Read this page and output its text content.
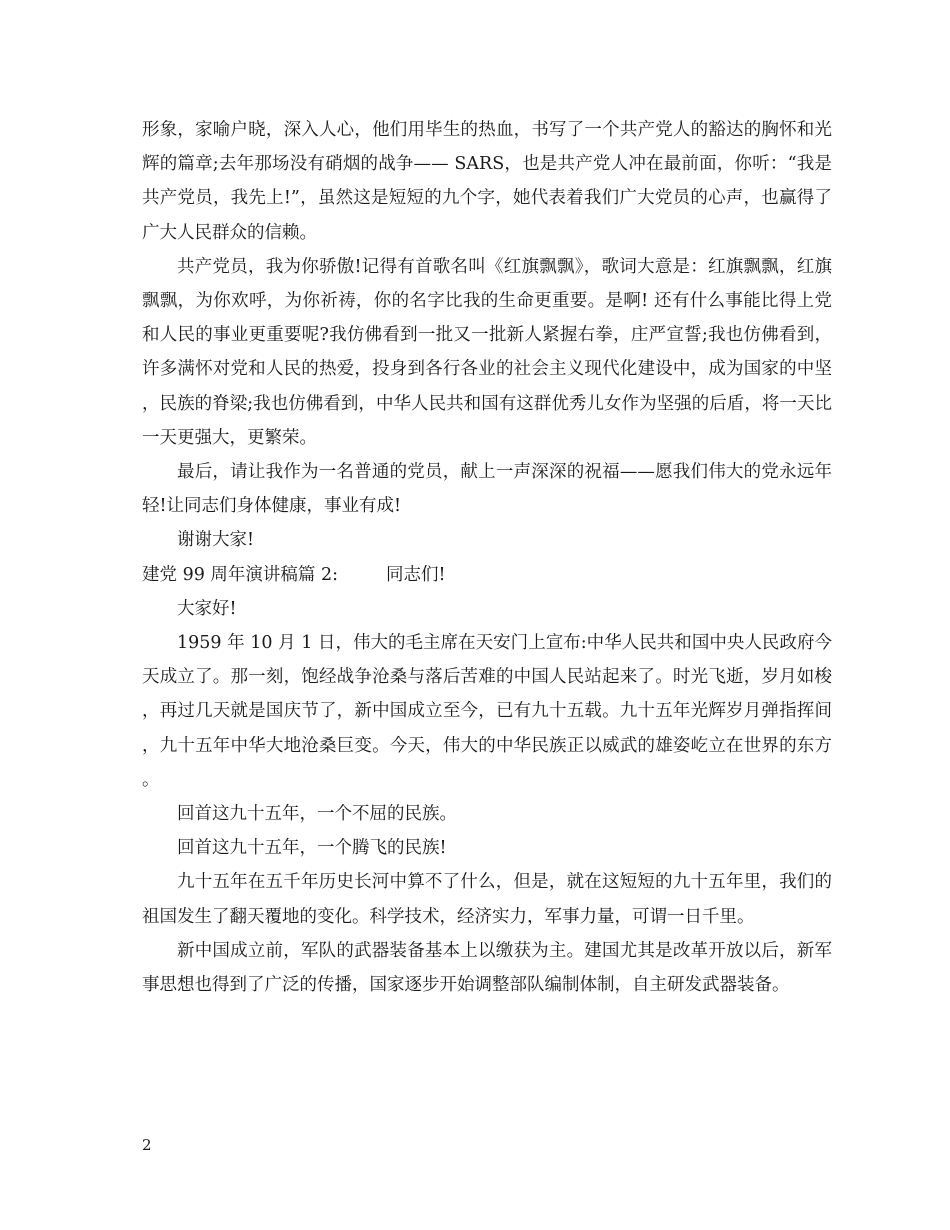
形象，家喻户晓，深入人心，他们用毕生的热血，书写了一个共产党人的豁达的胸怀和光辉的篇章;去年那场没有硝烟的战争—— SARS，也是共产党人冲在最前面，你听：“我是共产党员，我先上!”，虽然这是短短的九个字，她代表着我们广大党员的心声，也赢得了广大人民群众的信赖。

共产党员，我为你骄傲!记得有首歌名叫《红旗飘飘》，歌词大意是：红旗飘飘，红旗飘飘，为你欢呼，为你祈祷，你的名字比我的生命更重要。是啊! 还有什么事能比得上党和人民的事业更重要呢?我仿佛看到一批又一批新人紧握右拳，庄严宣誓;我也仿佛看到，许多满怀对党和人民的热爱，投身到各行各业的社会主义现代化建设中，成为国家的中坚，民族的脊梁;我也仿佛看到，中华人民共和国有这群优秀儿女作为坚强的后盾，将一天比一天更强大，更繁荣。

最后，请让我作为一名普通的党员，献上一声深深的祝福——愿我们伟大的党永远年轻!让同志们身体健康，事业有成!

谢谢大家!

建党 99 周年演讲稿篇 2:	同志们!

大家好!

1959 年 10 月 1 日，伟大的毛主席在天安门上宣布:中华人民共和国中央人民政府今天成立了。那一刻，饱经战争沧桑与落后苦难的中国人民站起来了。时光飞逝，岁月如梭，再过几天就是国庆节了，新中国成立至今，已有九十五载。九十五年光辉岁月弹指挥间，九十五年中华大地沧桑巨变。今天，伟大的中华民族正以威武的雄姿屹立在世界的东方。

回首这九十五年，一个不屈的民族。

回首这九十五年，一个腾飞的民族!

九十五年在五千年历史长河中算不了什么，但是，就在这短短的九十五年里，我们的祖国发生了翻天覆地的变化。科学技术，经济实力，军事力量，可谓一日千里。

新中国成立前，军队的武器装备基本上以缴获为主。建国尤其是改革开放以后，新军事思想也得到了广泛的传播，国家逐步开始调整部队编制体制，自主研发武器装备。

2
